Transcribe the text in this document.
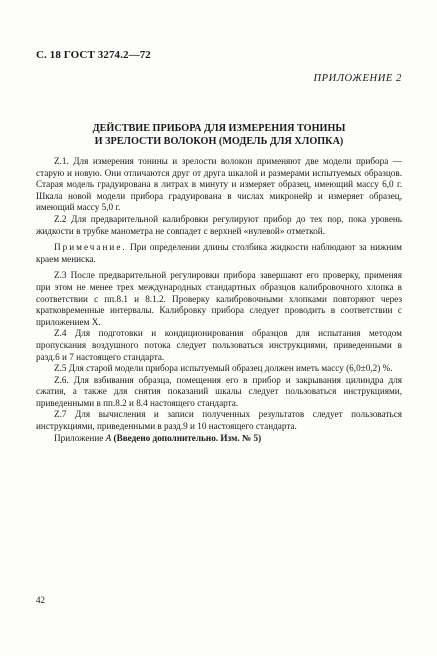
С. 18 ГОСТ 3274.2—72
ПРИЛОЖЕНИЕ 2
ДЕЙСТВИЕ ПРИБОРА ДЛЯ ИЗМЕРЕНИЯ ТОНИНЫ
И ЗРЕЛОСТИ ВОЛОКОН (МОДЕЛЬ ДЛЯ ХЛОПКА)

Z.1. Для измерения тонины и зрелости волокон применяют две модели прибора — старую и новую. Они отличаются друг от друга шкалой и размерами испытуемых образцов. Старая модель градуирована в литрах в минуту и измеряет образец, имеющий массу 6,0 г. Шкала новой модели прибора градуирована в числах микронейр и измеряет образец, имеющий массу 5,0 г.

Z.2 Для предварительной калибровки регулируют прибор до тех пор, пока уровень жидкости в трубке манометра не совпадет с верхней «нулевой» отметкой.

Примечание. При определении длины столбика жидкости наблюдают за нижним краем мениска.

Z.3 После предварительной регулировки прибора завершают его проверку, применяя при этом не менее трех международных стандартных образцов калибровочного хлопка в соответствии с пп.8.1 и 8.1.2. Проверку калибровочными хлопками повторяют через кратковременные интервалы. Калибровку прибора следует проводить в соответствии с приложением X.

Z.4 Для подготовки и кондиционирования образцов для испытания методом пропускания воздушного потока следует пользоваться инструкциями, приведенными в разд.6 и 7 настоящего стандарта.

Z.5 Для старой модели прибора испытуемый образец должен иметь массу (6,0±0,2) %.

Z.6. Для взбивания образца, помещения его в прибор и закрывания цилиндра для сжатия, а также для снятия показаний шкалы следует пользоваться инструкциями, приведенными в пп.8.2 и 8.4 настоящего стандарта.

Z.7 Для вычисления и записи полученных результатов следует пользоваться инструкциями, приведенными в разд.9 и 10 настоящего стандарта.

Приложение А (Введено дополнительно. Изм. № 5)

42
